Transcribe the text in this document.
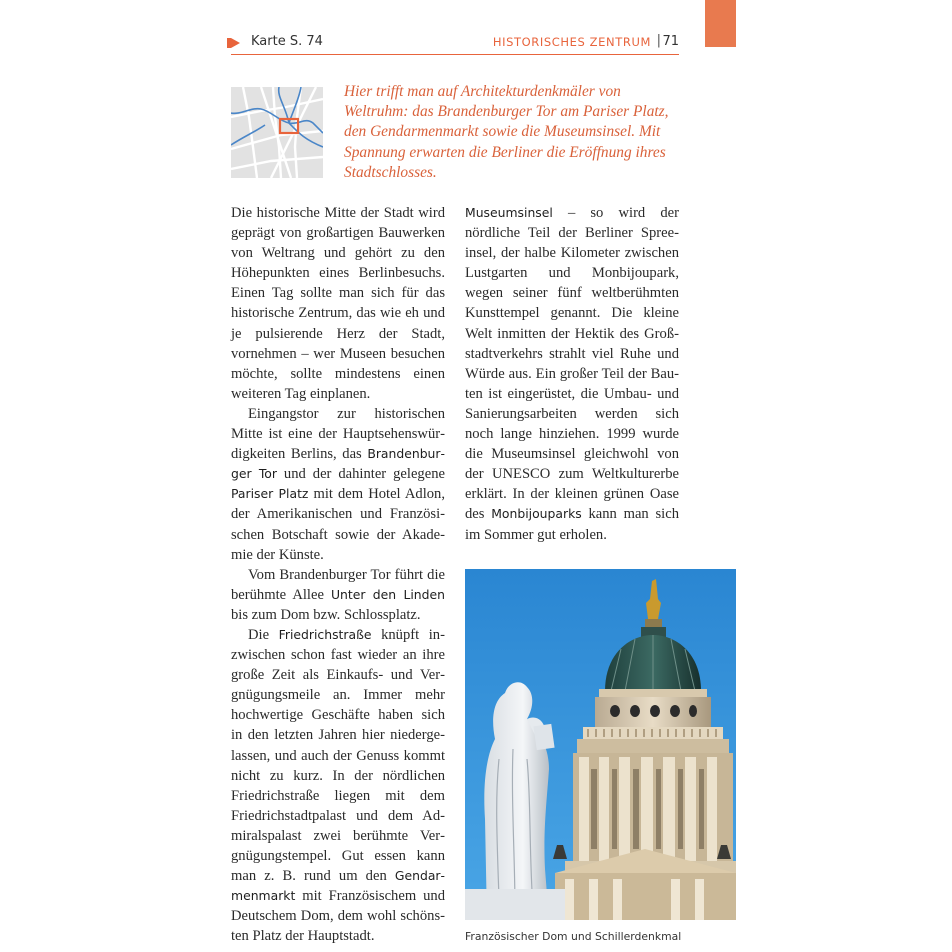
Karte S. 74	HISTORISCHES ZENTRUM | 71

Hier trifft man auf Architekturdenkmäler von Weltruhm: das Brandenburger Tor am Pariser Platz, den Gendarmenmarkt sowie die Museumsinsel. Mit Spannung erwarten die Berliner die Eröffnung ihres Stadtschlosses.

Die historische Mitte der Stadt wird geprägt von großartigen Bauwerken von Weltrang und gehört zu den Höhepunkten eines Berlinbesuchs. Einen Tag sollte man sich für das historische Zentrum, das wie eh und je pulsierende Herz der Stadt, vornehmen – wer Museen besuchen möchte, sollte mindestens einen weiteren Tag einplanen.

Eingangstor zur historischen Mitte ist eine der Hauptsehenswürdigkeiten Berlins, das Brandenburger Tor und der dahinter gelegene Pariser Platz mit dem Hotel Adlon, der Amerikanischen und Französischen Botschaft sowie der Akademie der Künste.

Vom Brandenburger Tor führt die berühmte Allee Unter den Linden bis zum Dom bzw. Schlossplatz.

Die Friedrichstraße knüpft inzwischen schon fast wieder an ihre große Zeit als Einkaufs- und Vergnügungsmeile an. Immer mehr hochwertige Geschäfte haben sich in den letzten Jahren hier niedergelassen, und auch der Genuss kommt nicht zu kurz. In der nördlichen Friedrichstraße liegen mit dem Friedrichstadtpalast und dem Admiralspalast zwei berühmte Vergnügungstempel. Gut essen kann man z. B. rund um den Gendarmenmarkt mit Französischem und Deutschem Dom, dem wohl schönsten Platz der Hauptstadt.

Museumsinsel – so wird der nördliche Teil der Berliner Spreeinsel, der halbe Kilometer zwischen Lustgarten und Monbijoupark, wegen seiner fünf weltberühmten Kunsttempel genannt. Die kleine Welt inmitten der Hektik des Großstadtverkehrs strahlt viel Ruhe und Würde aus. Ein großer Teil der Bauten ist eingerüstet, die Umbau- und Sanierungsarbeiten werden sich noch lange hinziehen. 1999 wurde die Museumsinsel gleichwohl von der UNESCO zum Weltkulturerbe erklärt. In der kleinen grünen Oase des Monbijouparks kann man sich im Sommer gut erholen.

Französischer Dom und Schillerdenkmal
